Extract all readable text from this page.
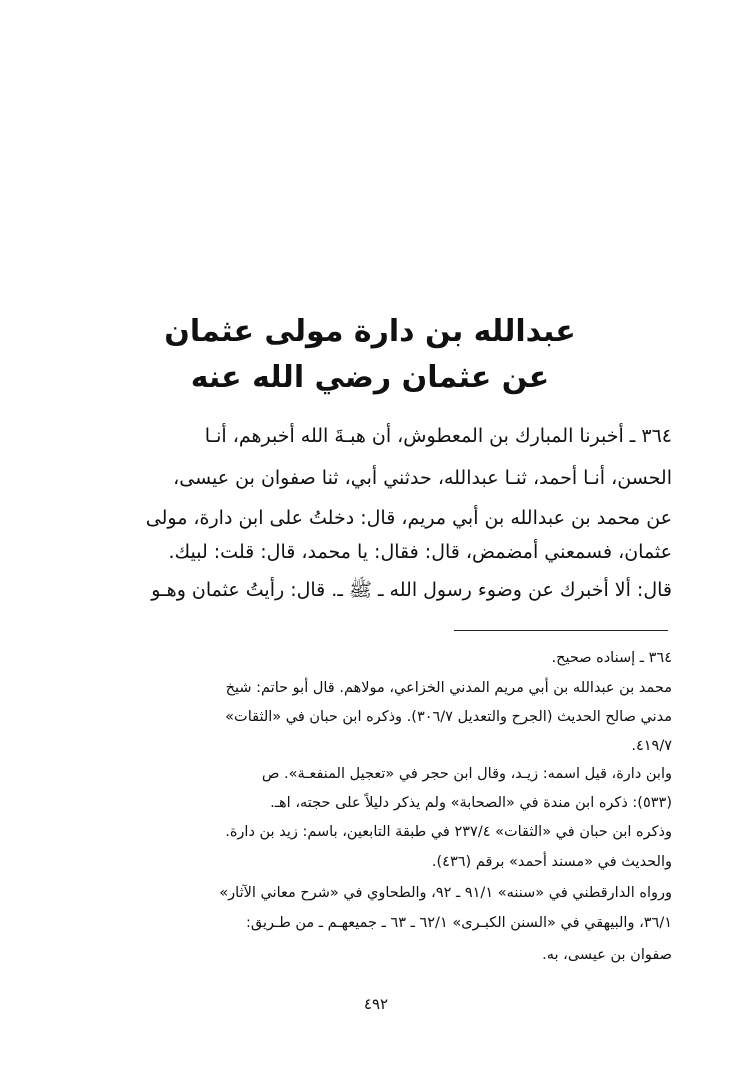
عبدالله بن دارة مولى عثمان
عن عثمان رضي الله عنه
٣٦٤ ـ أخبرنا المبارك بن المعطوش، أن هبـةَ الله أخبرهم، أنـا
الحسن، أنـا أحمد، ثنـا عبدالله، حدثني أبي، ثنا صفوان بن عيسى،
عن محمد بن عبدالله بن أبي مريم، قال: دخلتُ على ابن دارة، مولى
عثمان، فسمعني أمضمض، قال: فقال: يا محمد، قال: قلت: لبيك.
قال: ألا أخبرك عن وضوء رسول الله ـ ﷺ ـ. قال: رأيتُ عثمان وهـو
٣٦٤ ـ إسناده صحيح.
محمد بن عبدالله بن أبي مريم المدني الخزاعي، مولاهم. قال أبو حاتم: شيخ
مدني صالح الحديث (الجرح والتعديل ٣٠٦/٧). وذكره ابن حبان في «الثقات»
٤١٩/٧.
وابن دارة، قيل اسمه: زيـد، وقال ابن حجر في «تعجيل المنفعـة». ص
(٥٣٣): ذكره ابن مندة في «الصحابة» ولم يذكر دليلاً على حجته، اهـ.
وذكره ابن حبان في «الثقات» ٢٣٧/٤ في طبقة التابعين، باسم: زيد بن دارة.
والحديث في «مسند أحمد» برقم (٤٣٦).
ورواه الدارقطني في «سننه» ٩١/١ ـ ٩٢، والطحاوي في «شرح معاني الآثار»
٣٦/١، والبيهقي في «السنن الكبـرى» ٦٢/١ ـ ٦٣ ـ جميعهـم ـ من طـريق:
صفوان بن عيسى، به.
٤٩٢
